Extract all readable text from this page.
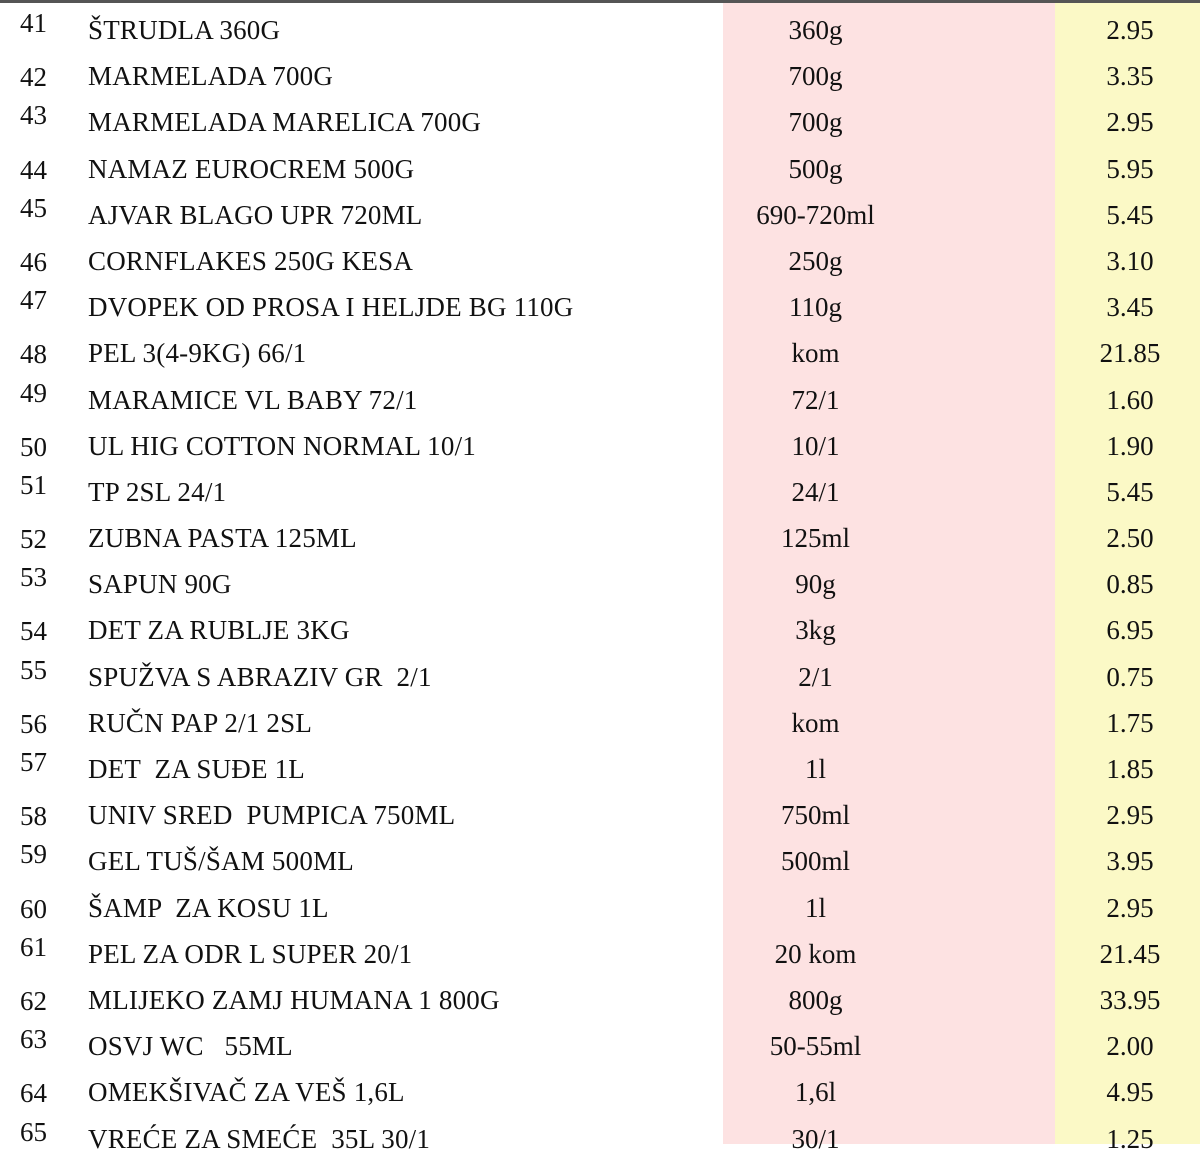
41 ŠTRUDLA 360G	360g	2.95
42 MARMELADA 700G	700g	3.35
43 MARMELADA MARELICA 700G	700g	2.95
44 NAMAZ EUROCREM 500G	500g	5.95
45 AJVAR BLAGO UPR 720ML	690-720ml	5.45
46 CORNFLAKES 250G KESA	250g	3.10
47 DVOPEK OD PROSA I HELJDE BG 110G	110g	3.45
48 PEL 3(4-9KG) 66/1	kom	21.85
49 MARAMICE VL BABY 72/1	72/1	1.60
50 UL HIG COTTON NORMAL 10/1	10/1	1.90
51 TP 2SL 24/1	24/1	5.45
52 ZUBNA PASTA 125ML	125ml	2.50
53 SAPUN 90G	90g	0.85
54 DET ZA RUBLJE 3KG	3kg	6.95
55 SPUŽVA S ABRAZIV GR  2/1	2/1	0.75
56 RUČN PAP 2/1 2SL	kom	1.75
57 DET  ZA SUĐE 1L	1l	1.85
58 UNIV SRED  PUMPICA 750ML	750ml	2.95
59 GEL TUŠ/ŠAM 500ML	500ml	3.95
60 ŠAMP  ZA KOSU 1L	1l	2.95
61 PEL ZA ODR L SUPER 20/1	20 kom	21.45
62 MLIJEKO ZAMJ HUMANA 1 800G	800g	33.95
63 OSVJ WC   55ML	50-55ml	2.00
64 OMEKŠIVAČ ZA VEŠ 1,6L	1,6l	4.95
65 VREĆE ZA SMEĆE  35L 30/1	30/1	1.25
